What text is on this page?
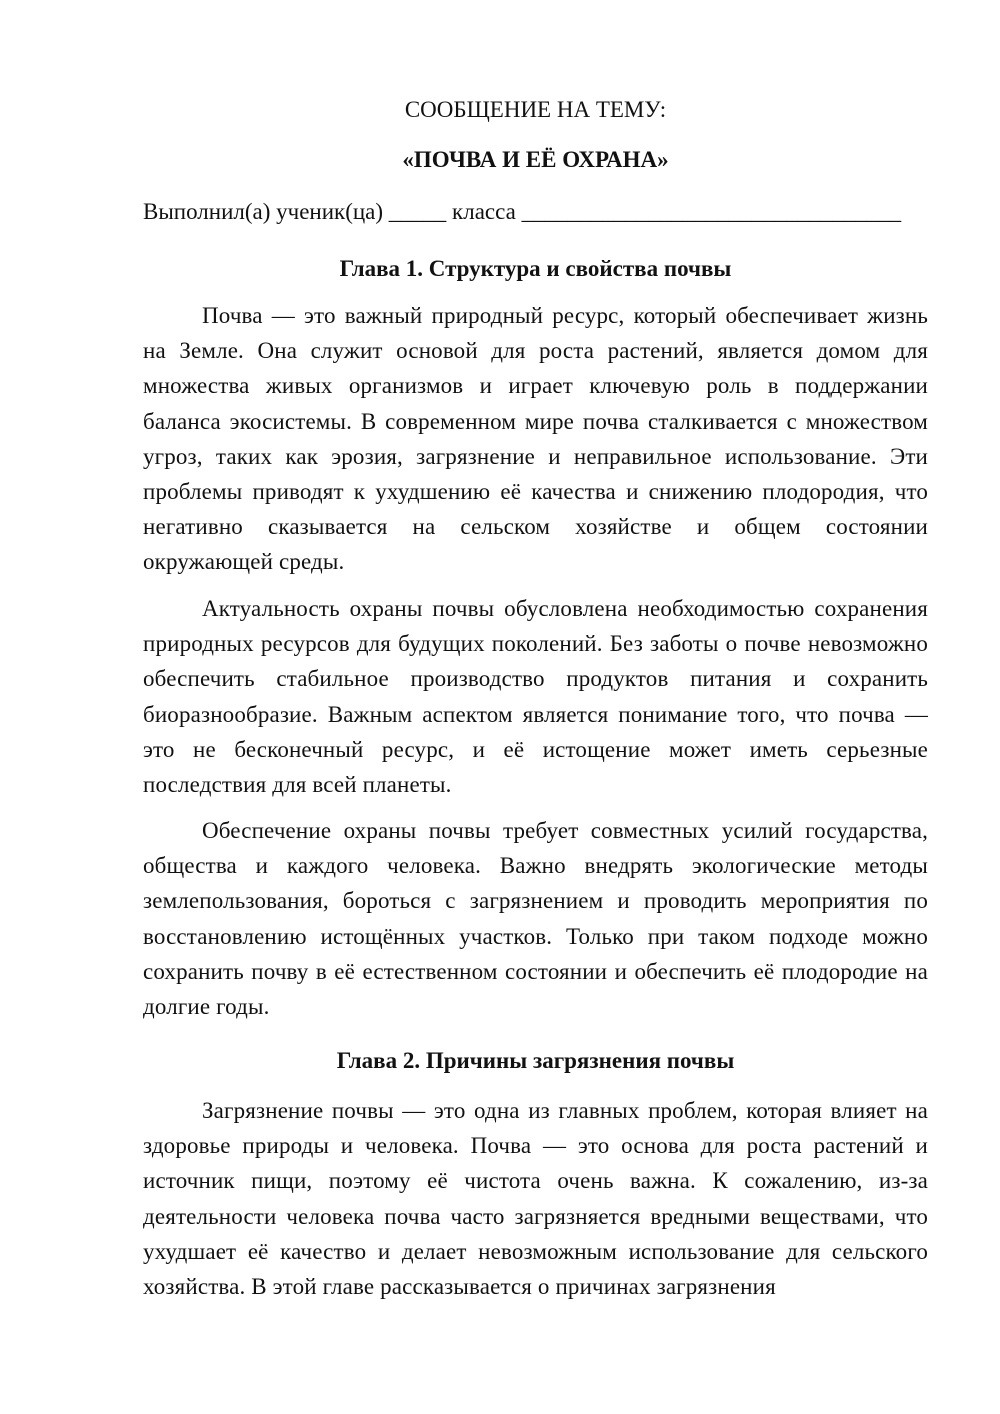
СООБЩЕНИЕ НА ТЕМУ:
«ПОЧВА И ЕЁ ОХРАНА»
Выполнил(а) ученик(ца) _____ класса _________________________________
Глава 1. Структура и свойства почвы

Почва — это важный природный ресурс, который обеспечивает жизнь на Земле. Она служит основой для роста растений, является домом для множества живых организмов и играет ключевую роль в поддержании баланса экосистемы. В современном мире почва сталкивается с множеством угроз, таких как эрозия, загрязнение и неправильное использование. Эти проблемы приводят к ухудшению её качества и снижению плодородия, что негативно сказывается на сельском хозяйстве и общем состоянии окружающей среды.

Актуальность охраны почвы обусловлена необходимостью сохранения природных ресурсов для будущих поколений. Без заботы о почве невозможно обеспечить стабильное производство продуктов питания и сохранить биоразнообразие. Важным аспектом является понимание того, что почва — это не бесконечный ресурс, и её истощение может иметь серьезные последствия для всей планеты.

Обеспечение охраны почвы требует совместных усилий государства, общества и каждого человека. Важно внедрять экологические методы землепользования, бороться с загрязнением и проводить мероприятия по восстановлению истощённых участков. Только при таком подходе можно сохранить почву в её естественном состоянии и обеспечить её плодородие на долгие годы.

Глава 2. Причины загрязнения почвы

Загрязнение почвы — это одна из главных проблем, которая влияет на здоровье природы и человека. Почва — это основа для роста растений и источник пищи, поэтому её чистота очень важна. К сожалению, из-за деятельности человека почва часто загрязняется вредными веществами, что ухудшает её качество и делает невозможным использование для сельского хозяйства. В этой главе рассказывается о причинах загрязнения
